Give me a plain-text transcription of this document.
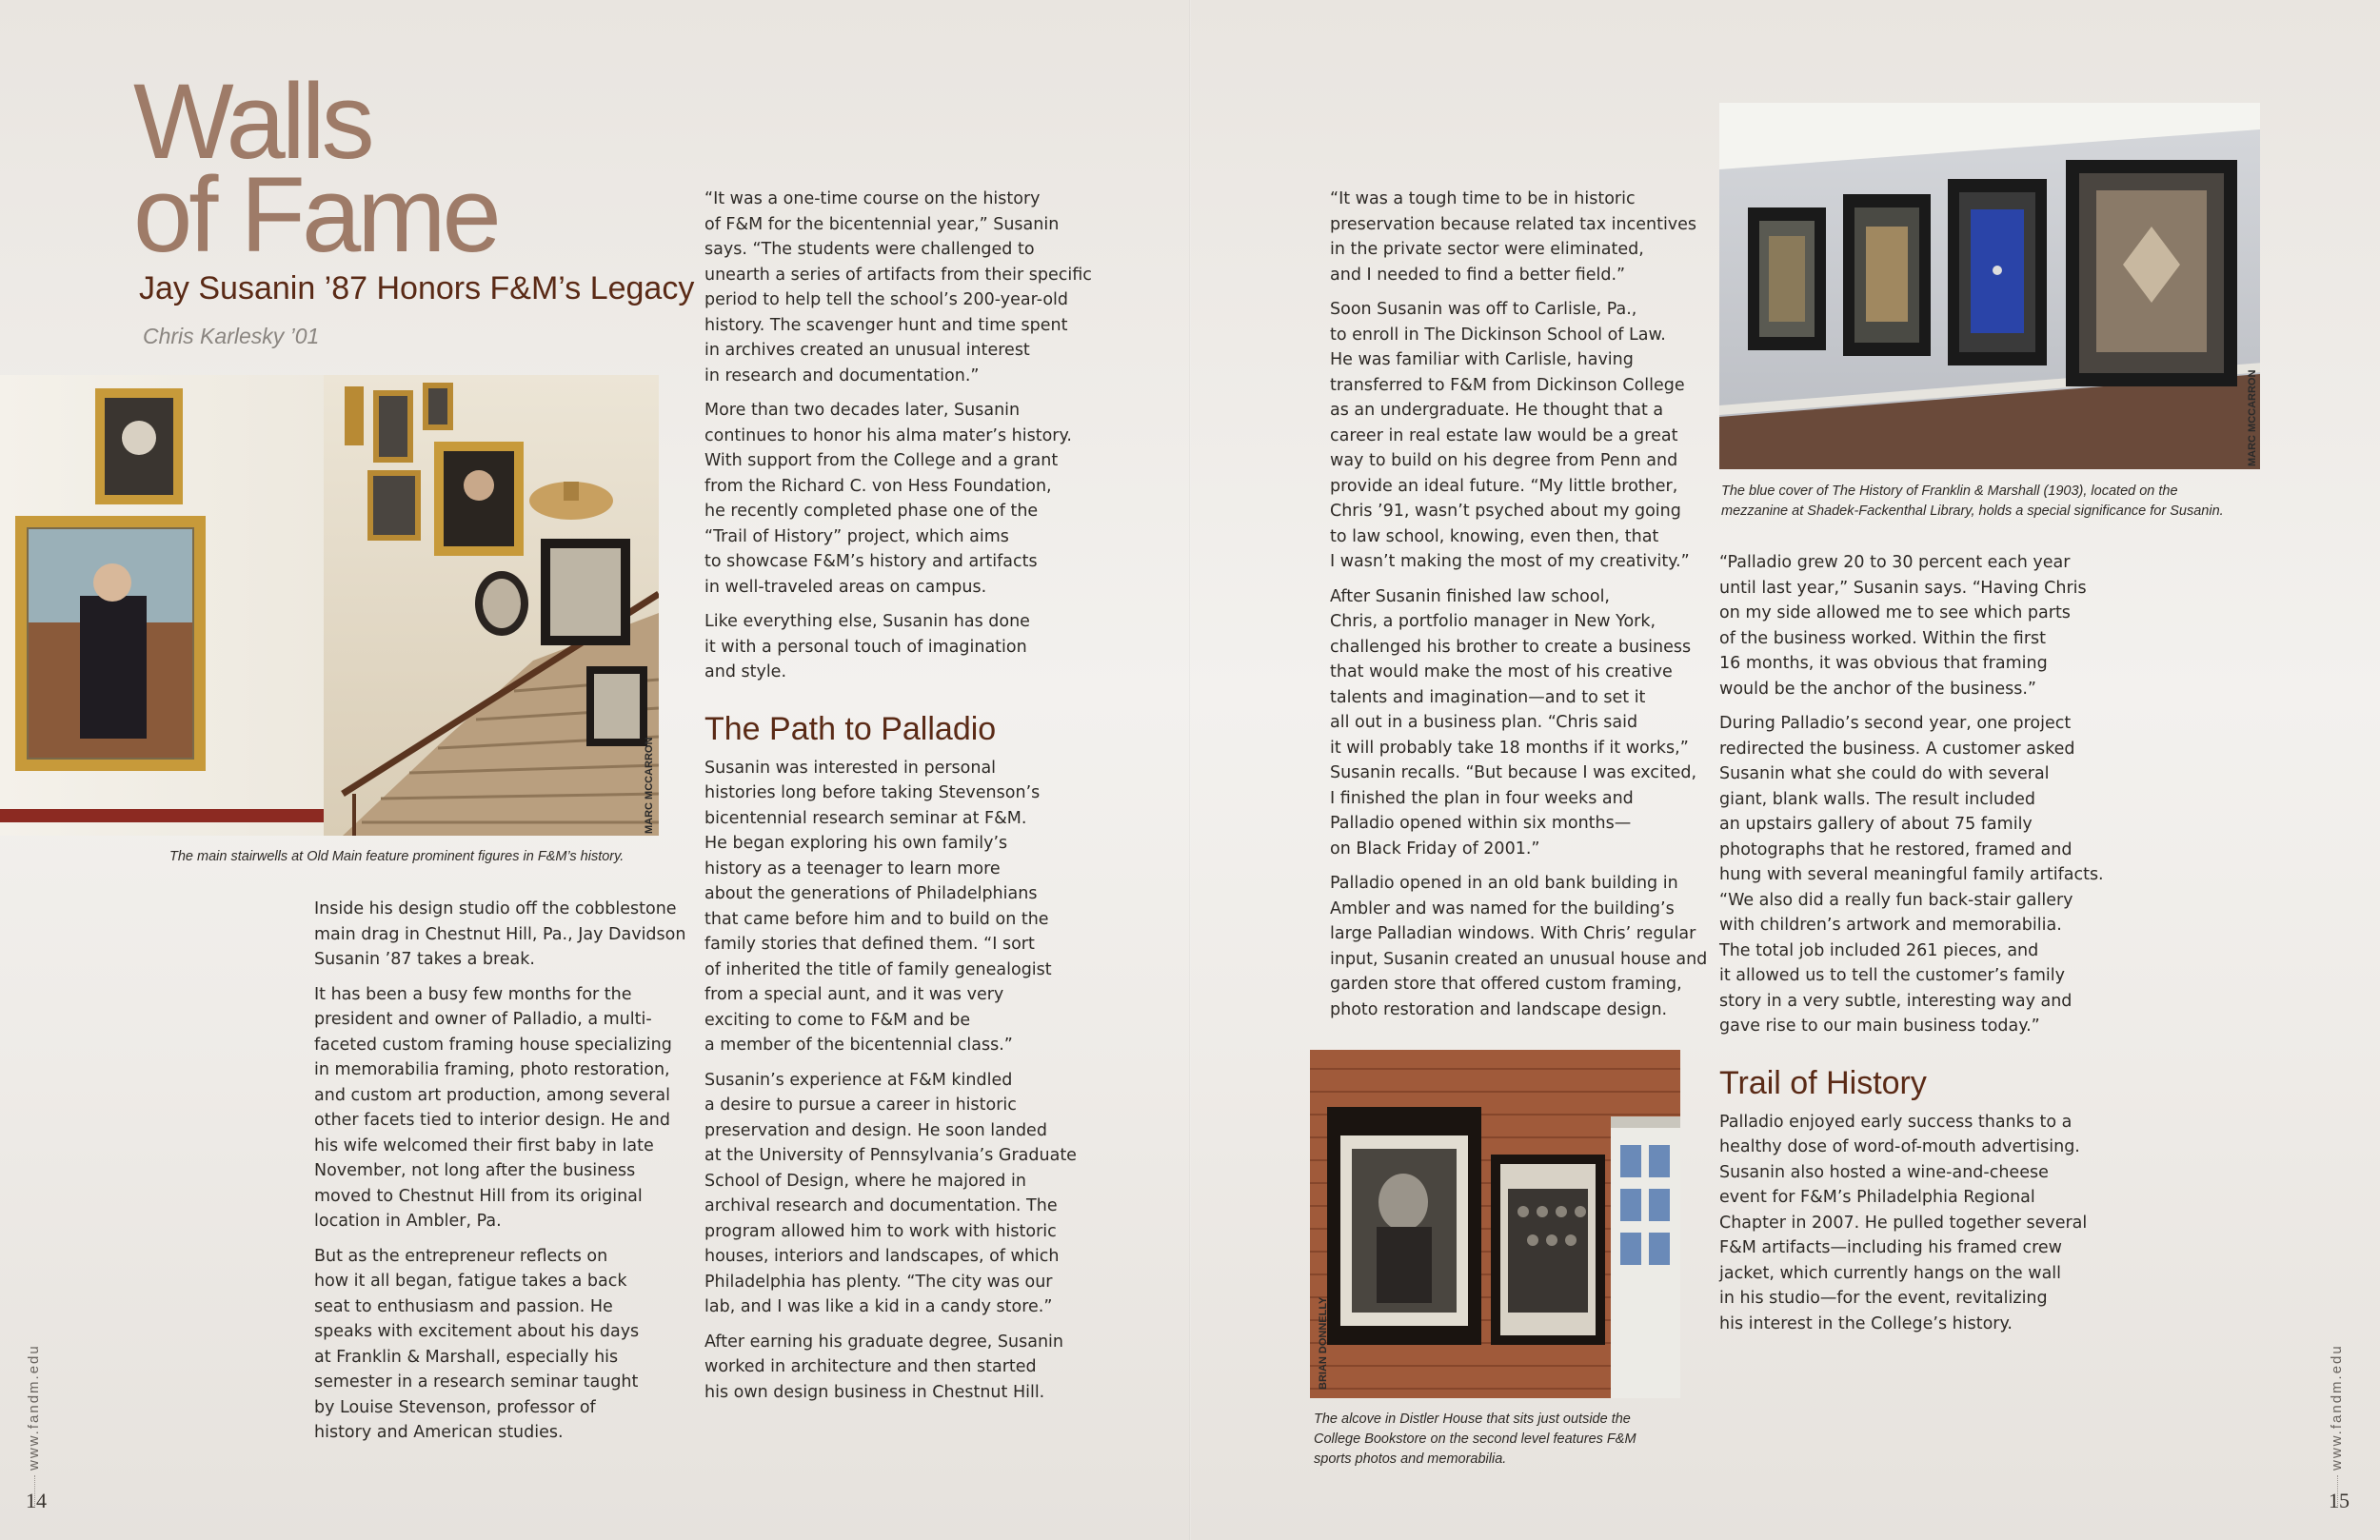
Walls
of Fame
Jay Susanin ’87 Honors F&M’s Legacy
Chris Karlesky ’01
MARC MCCARRON
The main stairwells at Old Main feature prominent figures in F&M’s history.
MARC MCCARRON
The blue cover of The History of Franklin & Marshall (1903), located on the
mezzanine at Shadek-Fackenthal Library, holds a special significance for Susanin.
BRIAN DONNELLY
The alcove in Distler House that sits just outside the
College Bookstore on the second level features F&M
sports photos and memorabilia.

Inside his design studio off the cobblestone
main drag in Chestnut Hill, Pa., Jay Davidson
Susanin ’87 takes a break.

It has been a busy few months for the
president and owner of Palladio, a multi-
faceted custom framing house specializing
in memorabilia framing, photo restoration,
and custom art production, among several
other facets tied to interior design. He and
his wife welcomed their first baby in late
November, not long after the business
moved to Chestnut Hill from its original
location in Ambler, Pa.

But as the entrepreneur reflects on
how it all began, fatigue takes a back
seat to enthusiasm and passion. He
speaks with excitement about his days
at Franklin & Marshall, especially his
semester in a research seminar taught
by Louise Stevenson, professor of
history and American studies.

“It was a one-time course on the history
of F&M for the bicentennial year,” Susanin
says. “The students were challenged to
unearth a series of artifacts from their specific
period to help tell the school’s 200-year-old
history. The scavenger hunt and time spent
in archives created an unusual interest
in research and documentation.”

More than two decades later, Susanin
continues to honor his alma mater’s history.
With support from the College and a grant
from the Richard C. von Hess Foundation,
he recently completed phase one of the
“Trail of History” project, which aims
to showcase F&M’s history and artifacts
in well-traveled areas on campus.

Like everything else, Susanin has done
it with a personal touch of imagination
and style.

The Path to Palladio

Susanin was interested in personal
histories long before taking Stevenson’s
bicentennial research seminar at F&M.
He began exploring his own family’s
history as a teenager to learn more
about the generations of Philadelphians
that came before him and to build on the
family stories that defined them. “I sort
of inherited the title of family genealogist
from a special aunt, and it was very
exciting to come to F&M and be
a member of the bicentennial class.”

Susanin’s experience at F&M kindled
a desire to pursue a career in historic
preservation and design. He soon landed
at the University of Pennsylvania’s Graduate
School of Design, where he majored in
archival research and documentation. The
program allowed him to work with historic
houses, interiors and landscapes, of which
Philadelphia has plenty. “The city was our
lab, and I was like a kid in a candy store.”

After earning his graduate degree, Susanin
worked in architecture and then started
his own design business in Chestnut Hill.

“It was a tough time to be in historic
preservation because related tax incentives
in the private sector were eliminated,
and I needed to find a better field.”

Soon Susanin was off to Carlisle, Pa.,
to enroll in The Dickinson School of Law.
He was familiar with Carlisle, having
transferred to F&M from Dickinson College
as an undergraduate. He thought that a
career in real estate law would be a great
way to build on his degree from Penn and
provide an ideal future. “My little brother,
Chris ’91, wasn’t psyched about my going
to law school, knowing, even then, that
I wasn’t making the most of my creativity.”

After Susanin finished law school,
Chris, a portfolio manager in New York,
challenged his brother to create a business
that would make the most of his creative
talents and imagination—and to set it
all out in a business plan. “Chris said
it will probably take 18 months if it works,”
Susanin recalls. “But because I was excited,
I finished the plan in four weeks and
Palladio opened within six months—
on Black Friday of 2001.”

Palladio opened in an old bank building in
Ambler and was named for the building’s
large Palladian windows. With Chris’ regular
input, Susanin created an unusual house and
garden store that offered custom framing,
photo restoration and landscape design.

“Palladio grew 20 to 30 percent each year
until last year,” Susanin says. “Having Chris
on my side allowed me to see which parts
of the business worked. Within the first
16 months, it was obvious that framing
would be the anchor of the business.”

During Palladio’s second year, one project
redirected the business. A customer asked
Susanin what she could do with several
giant, blank walls. The result included
an upstairs gallery of about 75 family
photographs that he restored, framed and
hung with several meaningful family artifacts.
“We also did a really fun back-stair gallery
with children’s artwork and memorabilia.
The total job included 261 pieces, and
it allowed us to tell the customer’s family
story in a very subtle, interesting way and
gave rise to our main business today.”

Trail of History

Palladio enjoyed early success thanks to a
healthy dose of word-of-mouth advertising.
Susanin also hosted a wine-and-cheese
event for F&M’s Philadelphia Regional
Chapter in 2007. He pulled together several
F&M artifacts—including his framed crew
jacket, which currently hangs on the wall
in his studio—for the event, revitalizing
his interest in the College’s history.

www.fandm.edu
14
www.fandm.edu
15
